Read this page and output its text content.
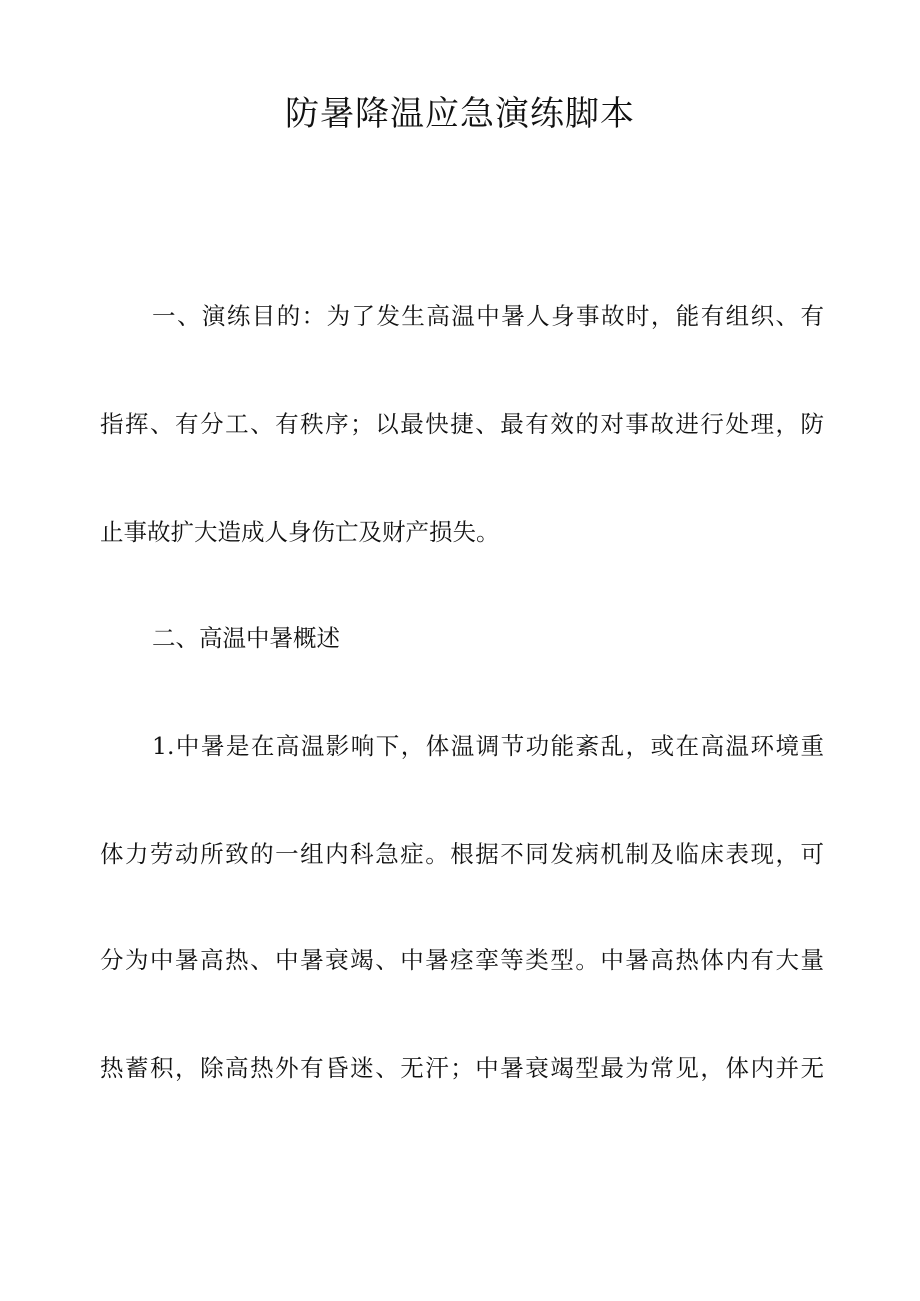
防暑降温应急演练脚本

一、演练目的：为了发生高温中暑人身事故时，能有组织、有

指挥、有分工、有秩序；以最快捷、最有效的对事故进行处理，防

止事故扩大造成人身伤亡及财产损失。

二、高温中暑概述

1.中暑是在高温影响下，体温调节功能紊乱，或在高温环境重

体力劳动所致的一组内科急症。根据不同发病机制及临床表现，可

分为中暑高热、中暑衰竭、中暑痉挛等类型。中暑高热体内有大量

热蓄积，除高热外有昏迷、无汗；中暑衰竭型最为常见，体内并无
